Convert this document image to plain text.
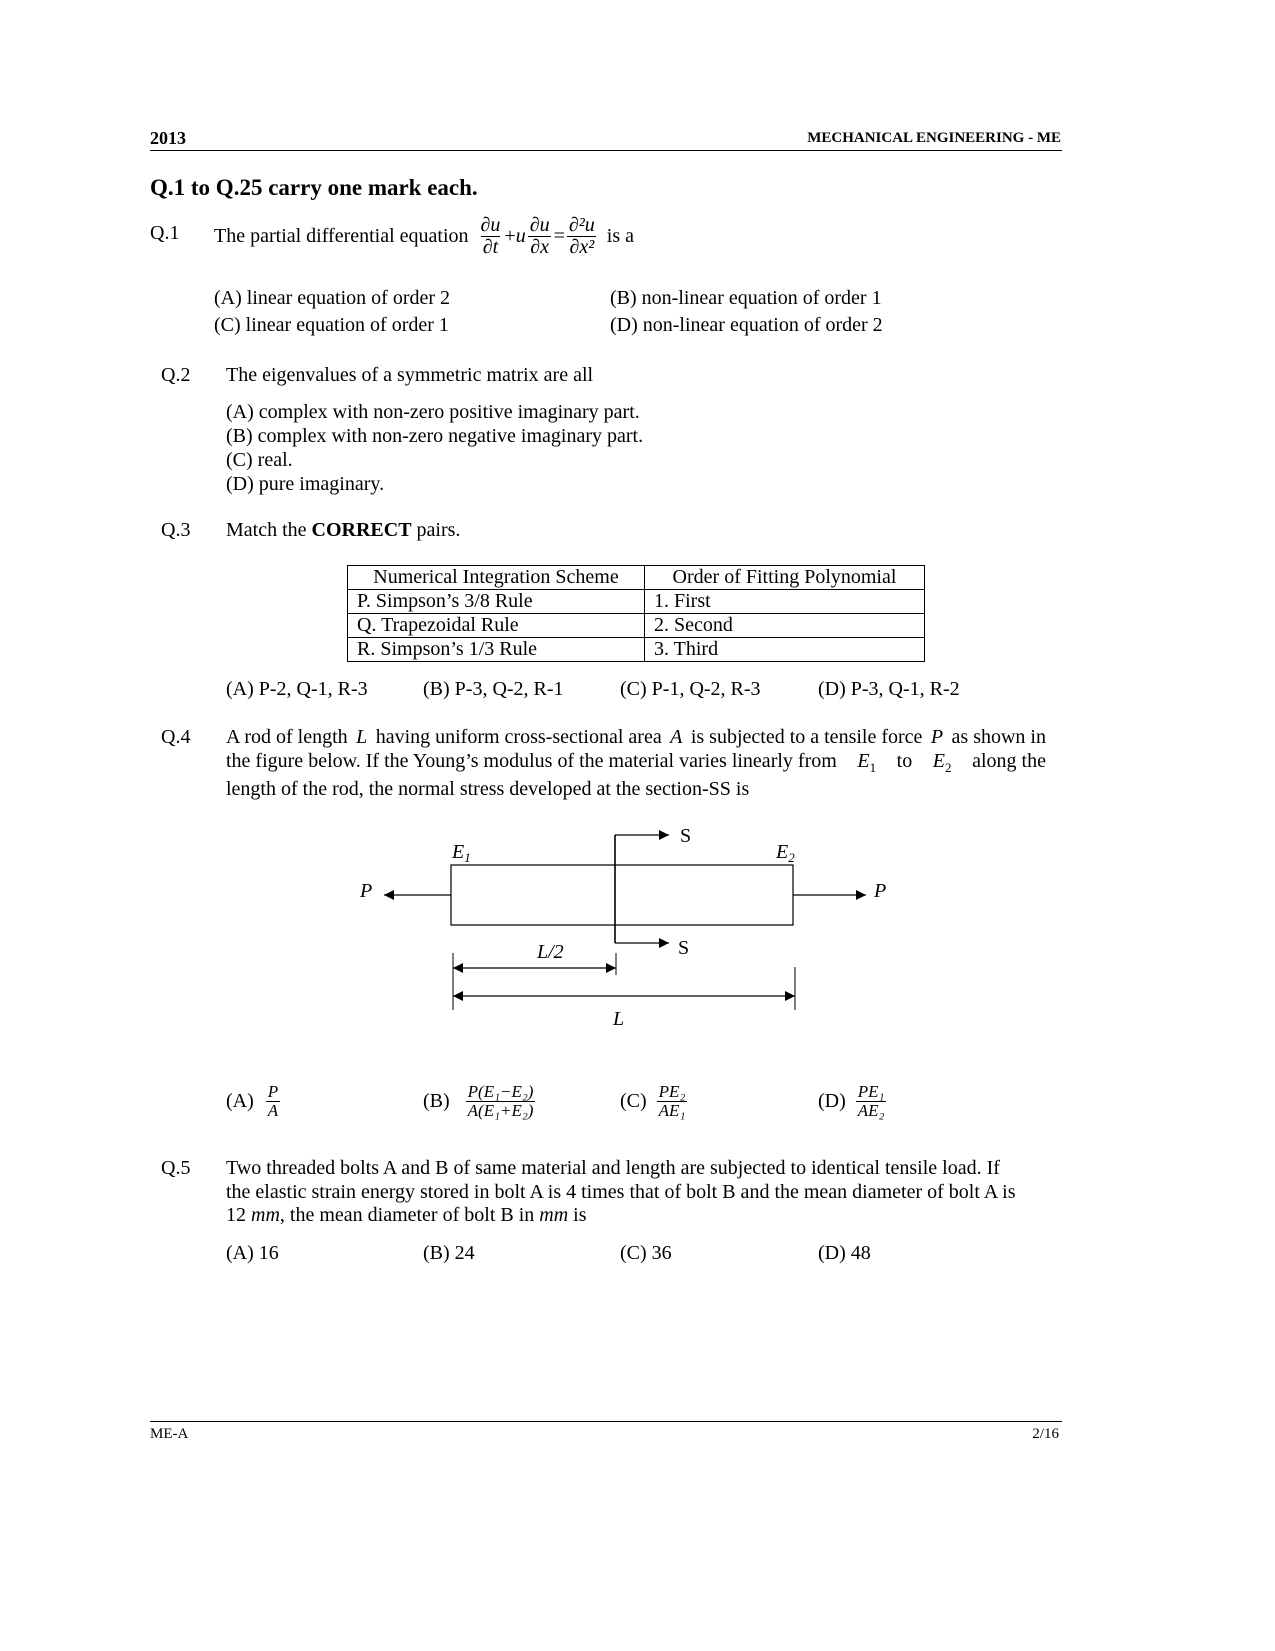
2013	MECHANICAL ENGINEERING - ME
Q.1 to Q.25 carry one mark each.
Q.1 The partial differential equation $\frac{\partial u}{\partial t} + u \frac{\partial u}{\partial x} = \frac{\text{∂²u}}{\text{∂x²}}$ is a
(A) linear equation of order 2	(B) non-linear equation of order 1
(C) linear equation of order 1	(D) non-linear equation of order 2
Q.2 The eigenvalues of a symmetric matrix are all
(A) complex with non-zero positive imaginary part.
(B) complex with non-zero negative imaginary part.
(C) real.
(D) pure imaginary.
Q.3 Match the CORRECT pairs.
Numerical Integration Scheme	Order of Fitting Polynomial
P. Simpson’s 3/8 Rule	1. First
Q. Trapezoidal Rule	2. Second
R. Simpson’s 1/3 Rule	3. Third
(A) P-2, Q-1, R-3	(B) P-3, Q-2, R-1	(C) P-1, Q-2, R-3	(D) P-3, Q-1, R-2
Q.4 A rod of length L having uniform cross-sectional area A is subjected to a tensile force P as shown in
the figure below. If the Young’s modulus of the material varies linearly from $E_1$ to $E_2$ along the
length of the rod, the normal stress developed at the section-SS is
$E_1$	$E_2$
P	P
S
S
L/2
L
$(A) \frac{P}{A}$	$(B) \frac{\text{P(E₁−E₂)}}{\text{A(E₁+E₂)}}$	$(C) \frac{\text{PE₂}}{\text{AE₁}}$	$(D) \frac{\text{PE₁}}{\text{AE₂}}$
Q.5 Two threaded bolts A and B of same material and length are subjected to identical tensile load. If
the elastic strain energy stored in bolt A is 4 times that of bolt B and the mean diameter of bolt A is
12 mm, the mean diameter of bolt B in mm is
(A) 16	(B) 24	(C) 36	(D) 48
ME-A	2/16
